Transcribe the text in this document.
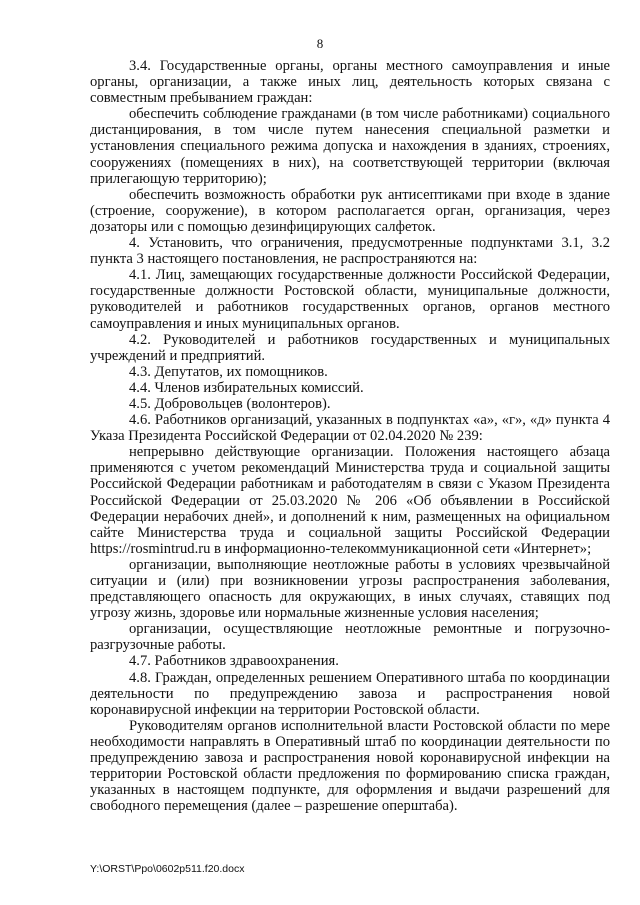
8

3.4. Государственные органы, органы местного самоуправления и иные органы, организации, а также иных лиц, деятельность которых связана с совместным пребыванием граждан:

обеспечить соблюдение гражданами (в том числе работниками) социального дистанцирования, в том числе путем нанесения специальной разметки и установления специального режима допуска и нахождения в зданиях, строениях, сооружениях (помещениях в них), на соответствующей территории (включая прилегающую территорию);

обеспечить возможность обработки рук антисептиками при входе в здание (строение, сооружение), в котором располагается орган, организация, через дозаторы или с помощью дезинфицирующих салфеток.

4. Установить, что ограничения, предусмотренные подпунктами 3.1, 3.2 пункта 3 настоящего постановления, не распространяются на:

4.1. Лиц, замещающих государственные должности Российской Федерации, государственные должности Ростовской области, муниципальные должности, руководителей и работников государственных органов, органов местного самоуправления и иных муниципальных органов.

4.2. Руководителей и работников государственных и муниципальных учреждений и предприятий.

4.3. Депутатов, их помощников.

4.4. Членов избирательных комиссий.

4.5. Добровольцев (волонтеров).

4.6. Работников организаций, указанных в подпунктах «а», «г», «д» пункта 4 Указа Президента Российской Федерации от 02.04.2020 № 239:

непрерывно действующие организации. Положения настоящего абзаца применяются с учетом рекомендаций Министерства труда и социальной защиты Российской Федерации работникам и работодателям в связи с Указом Президента Российской Федерации от 25.03.2020 № 206 «Об объявлении в Российской Федерации нерабочих дней», и дополнений к ним, размещенных на официальном сайте Министерства труда и социальной защиты Российской Федерации https://rosmintrud.ru в информационно-телекоммуникационной сети «Интернет»;

организации, выполняющие неотложные работы в условиях чрезвычайной ситуации и (или) при возникновении угрозы распространения заболевания, представляющего опасность для окружающих, в иных случаях, ставящих под угрозу жизнь, здоровье или нормальные жизненные условия населения;

организации, осуществляющие неотложные ремонтные и погрузочно-разгрузочные работы.

4.7. Работников здравоохранения.

4.8. Граждан, определенных решением Оперативного штаба по координации деятельности по предупреждению завоза и распространения новой коронавирусной инфекции на территории Ростовской области.

Руководителям органов исполнительной власти Ростовской области по мере необходимости направлять в Оперативный штаб по координации деятельности по предупреждению завоза и распространения новой коронавирусной инфекции на территории Ростовской области предложения по формированию списка граждан, указанных в настоящем подпункте, для оформления и выдачи разрешений для свободного перемещения (далее – разрешение оперштаба).

Y:\ORST\Ppo\0602p511.f20.docx
